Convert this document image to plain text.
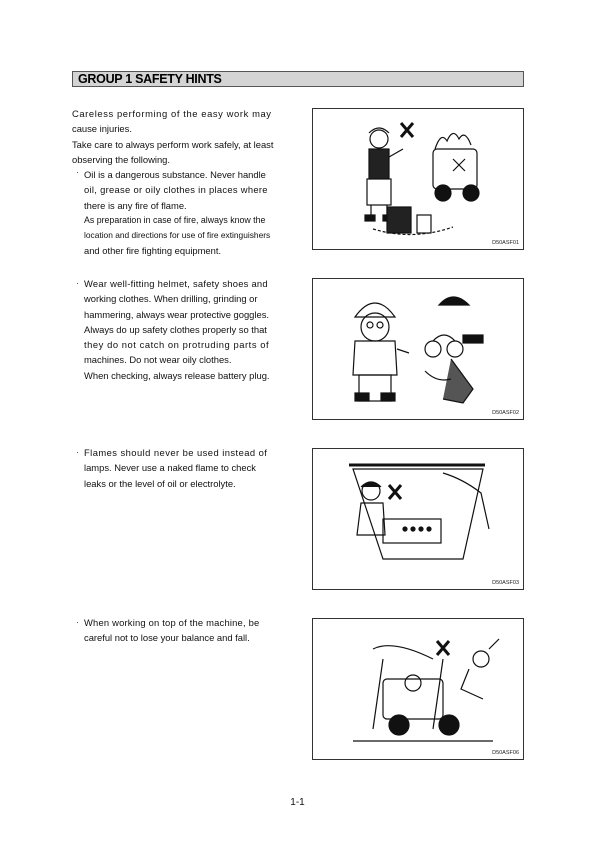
GROUP 1 SAFETY HINTS
Careless performing of the easy work may
cause injuries.
Take care to always perform work safely, at least
observing the following.
· Oil is a dangerous substance. Never handle
oil, grease or oily clothes in places where
there is any fire of flame.
As preparation in case of fire, always know the
location and directions for use of fire extinguishers
and other fire fighting equipment.
· Wear well-fitting helmet, safety shoes and
working clothes. When drilling, grinding or
hammering, always wear protective goggles.
Always do up safety clothes properly so that
they do not catch on protruding parts of
machines. Do not wear oily clothes.
When checking, always release battery plug.
· Flames should never be used instead of
lamps. Never use a naked flame to check
leaks or the level of oil or electrolyte.
· When working on top of the machine, be
careful not to lose your balance and fall.
D50ASF01
D50ASF02
D50ASF03
D50ASF06
1-1
